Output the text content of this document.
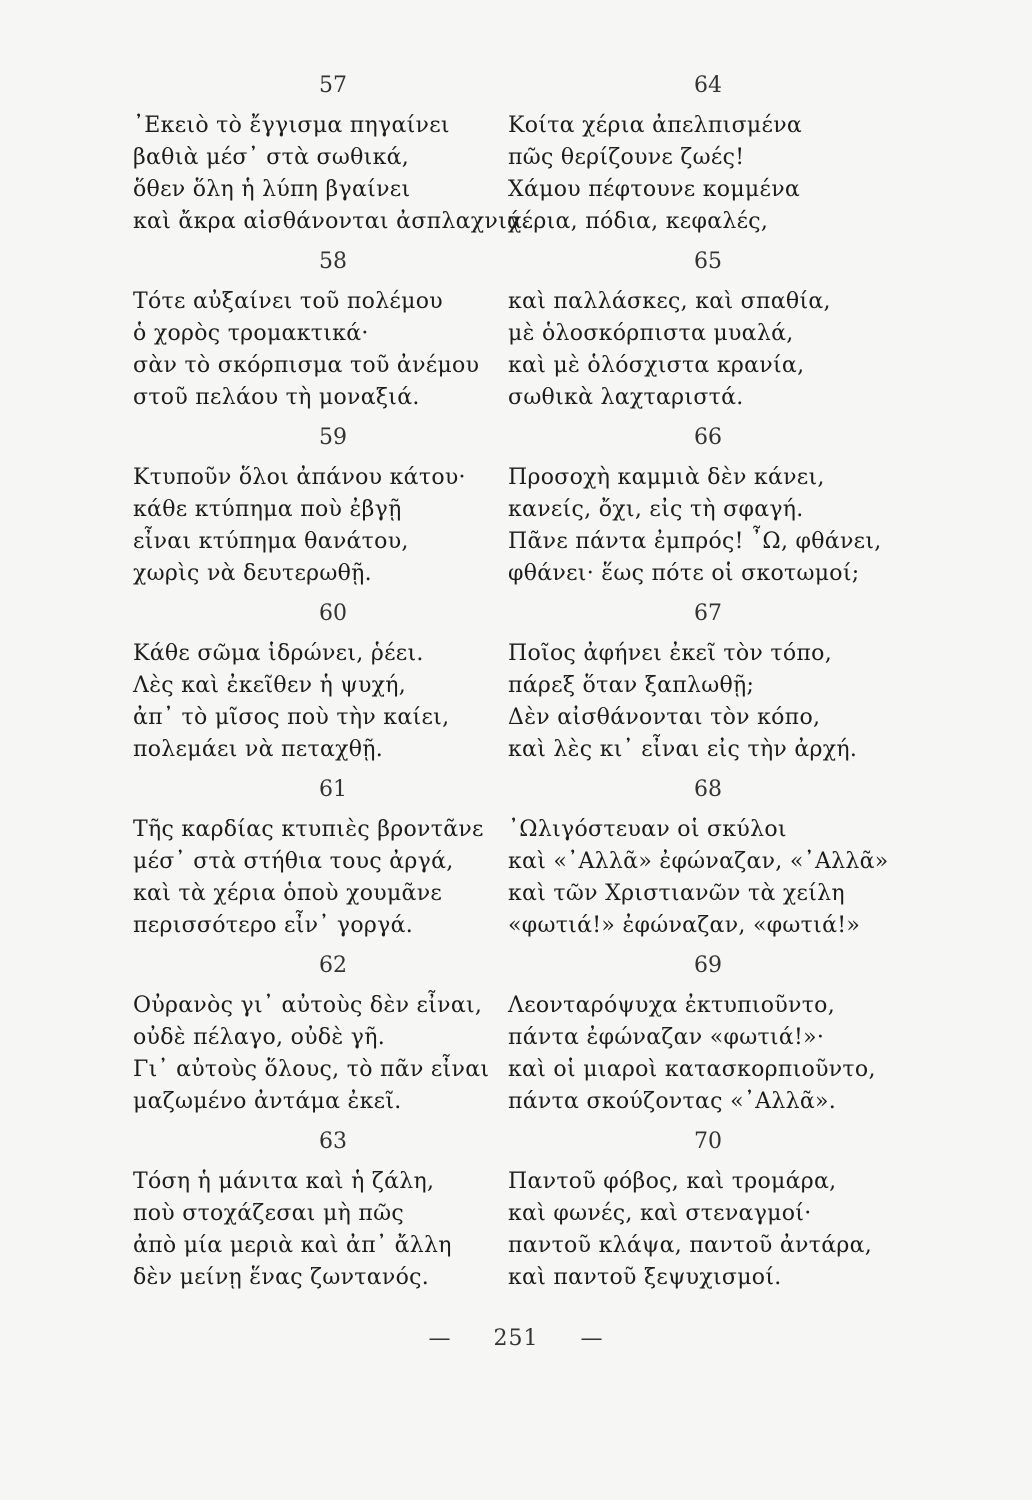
57
᾿Εκειὸ τὸ ἔγγισμα πηγαίνει
βαθιὰ μέσ᾿ στὰ σωθικά,
ὅθεν ὅλη ἡ λύπη βγαίνει
καὶ ἄκρα αἰσθάνονται ἀσπλαχνιά.
58
Τότε αὐξαίνει τοῦ πολέμου
ὁ χορὸς τρομακτικά·
σὰν τὸ σκόρπισμα τοῦ ἀνέμου
στοῦ πελάου τὴ μοναξιά.
59
Κτυποῦν ὅλοι ἀπάνου κάτου·
κάθε κτύπημα ποὺ ἐβγῇ
εἶναι κτύπημα θανάτου,
χωρὶς νὰ δευτερωθῇ.
60
Κάθε σῶμα ἱδρώνει, ῥέει.
Λὲς καὶ ἐκεῖθεν ἡ ψυχή,
ἀπ᾿ τὸ μῖσος ποὺ τὴν καίει,
πολεμάει νὰ πεταχθῇ.
61
Τῆς καρδίας κτυπιὲς βροντᾶνε
μέσ᾿ στὰ στήθια τους ἀργά,
καὶ τὰ χέρια ὁποὺ χουμᾶνε
περισσότερο εἶν᾿ γοργά.
62
Οὐρανὸς γι᾿ αὐτοὺς δὲν εἶναι,
οὐδὲ πέλαγο, οὐδὲ γῆ.
Γι᾿ αὐτοὺς ὅλους, τὸ πᾶν εἶναι
μαζωμένο ἀντάμα ἐκεῖ.
63
Τόση ἡ μάνιτα καὶ ἡ ζάλη,
ποὺ στοχάζεσαι μὴ πῶς
ἀπὸ μία μεριὰ καὶ ἀπ᾿ ἄλλη
δὲν μείνῃ ἕνας ζωντανός.
64
Κοίτα χέρια ἀπελπισμένα
πῶς θερίζουνε ζωές!
Χάμου πέφτουνε κομμένα
χέρια, πόδια, κεφαλές,
65
καὶ παλλάσκες, καὶ σπαθία,
μὲ ὁλοσκόρπιστα μυαλά,
καὶ μὲ ὁλόσχιστα κρανία,
σωθικὰ λαχταριστά.
66
Προσοχὴ καμμιὰ δὲν κάνει,
κανείς, ὄχι, εἰς τὴ σφαγή.
Πᾶνε πάντα ἐμπρός! ῏Ω, φθάνει,
φθάνει· ἕως πότε οἱ σκοτωμοί;
67
Ποῖος ἀφήνει ἐκεῖ τὸν τόπο,
πάρεξ ὅταν ξαπλωθῇ;
Δὲν αἰσθάνονται τὸν κόπο,
καὶ λὲς κι᾿ εἶναι εἰς τὴν ἀρχή.
68
᾿Ωλιγόστευαν οἱ σκύλοι
καὶ «᾿Αλλᾶ» ἐφώναζαν, «᾿Αλλᾶ»
καὶ τῶν Χριστιανῶν τὰ χείλη
«φωτιά!» ἐφώναζαν, «φωτιά!»
69
Λεονταρόψυχα ἐκτυπιοῦντο,
πάντα ἐφώναζαν «φωτιά!»·
καὶ οἱ μιαροὶ κατασκορπιοῦντο,
πάντα σκούζοντας «᾿Αλλᾶ».
70
Παντοῦ φόβος, καὶ τρομάρα,
καὶ φωνές, καὶ στεναγμοί·
παντοῦ κλάψα, παντοῦ ἀντάρα,
καὶ παντοῦ ξεψυχισμοί.
— 251 —
